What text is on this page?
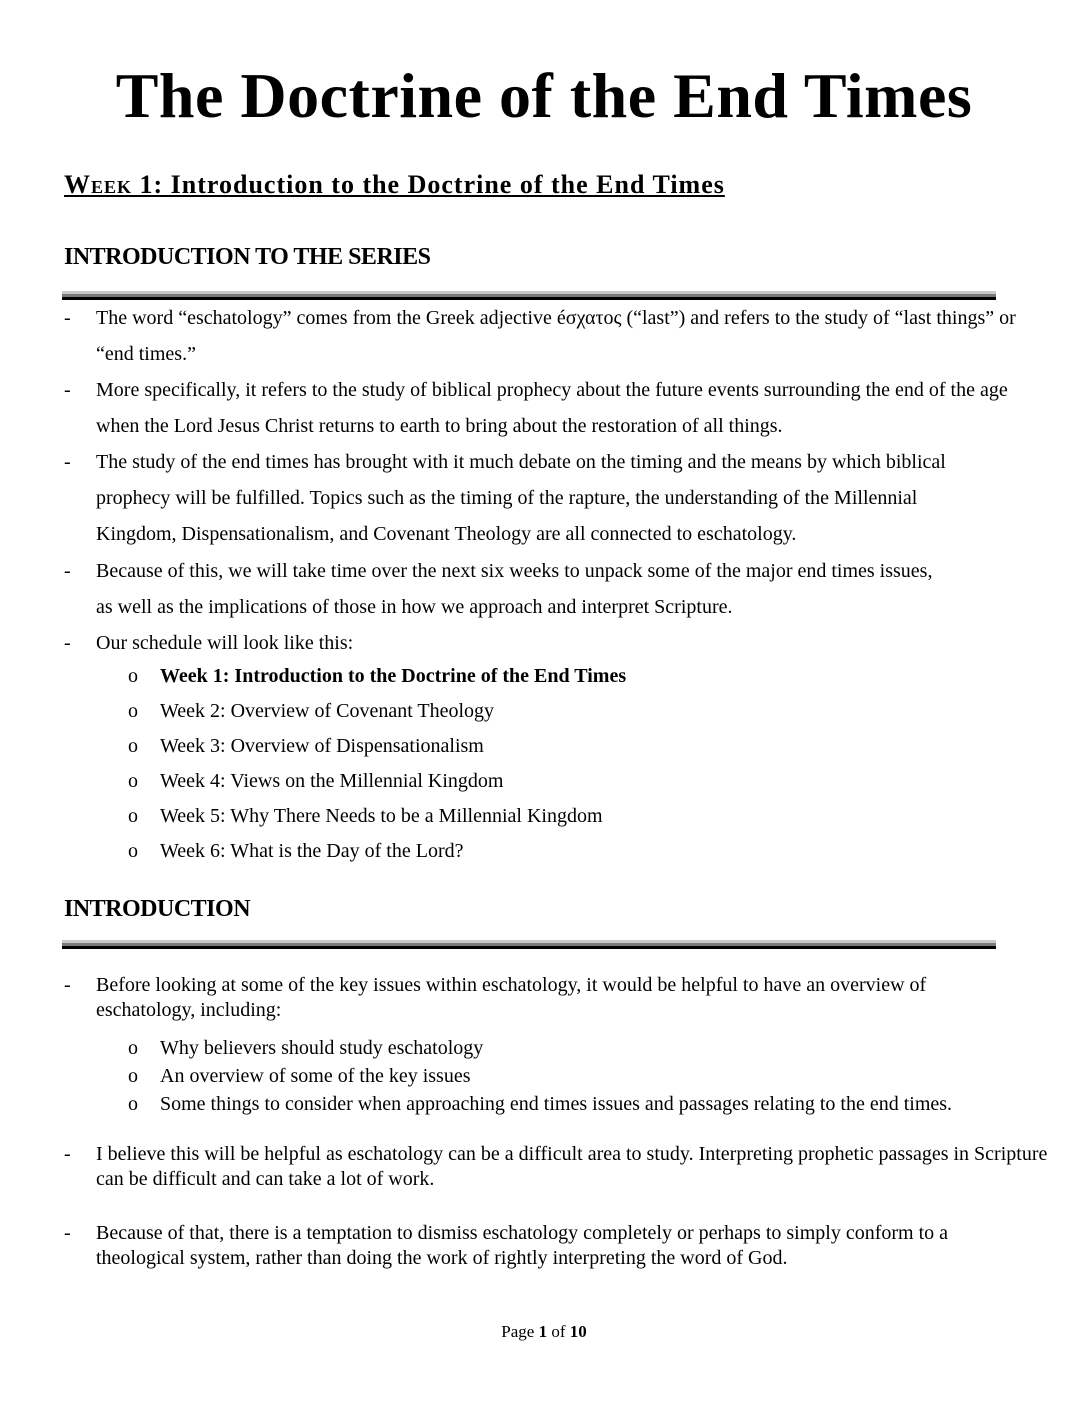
The Doctrine of the End Times
Week 1: Introduction to the Doctrine of the End Times
INTRODUCTION TO THE SERIES
- The word “eschatology” comes from the Greek adjective éσχατος (“last”) and refers to the study of “last things” or “end times.”
- More specifically, it refers to the study of biblical prophecy about the future events surrounding the end of the age when the Lord Jesus Christ returns to earth to bring about the restoration of all things.
- The study of the end times has brought with it much debate on the timing and the means by which biblical prophecy will be fulfilled. Topics such as the timing of the rapture, the understanding of the Millennial Kingdom, Dispensationalism, and Covenant Theology are all connected to eschatology.
- Because of this, we will take time over the next six weeks to unpack some of the major end times issues, as well as the implications of those in how we approach and interpret Scripture.
- Our schedule will look like this:
o Week 1: Introduction to the Doctrine of the End Times
o Week 2: Overview of Covenant Theology
o Week 3: Overview of Dispensationalism
o Week 4: Views on the Millennial Kingdom
o Week 5: Why There Needs to be a Millennial Kingdom
o Week 6: What is the Day of the Lord?
INTRODUCTION
- Before looking at some of the key issues within eschatology, it would be helpful to have an overview of eschatology, including:
o Why believers should study eschatology
o An overview of some of the key issues
o Some things to consider when approaching end times issues and passages relating to the end times.
- I believe this will be helpful as eschatology can be a difficult area to study. Interpreting prophetic passages in Scripture can be difficult and can take a lot of work.
- Because of that, there is a temptation to dismiss eschatology completely or perhaps to simply conform to a theological system, rather than doing the work of rightly interpreting the word of God.
Page 1 of 10
